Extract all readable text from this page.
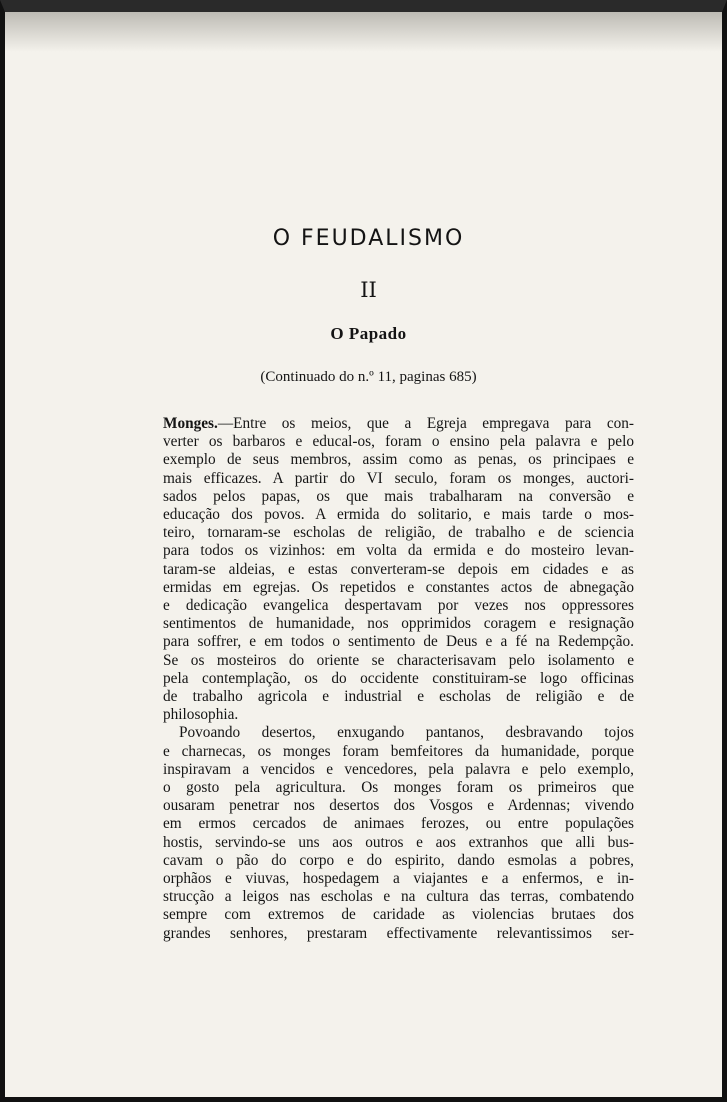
O FEUDALISMO
II
O Papado
(Continuado do n.º 11, paginas 685)
Monges.—Entre os meios, que a Egreja empregava para con-
verter os barbaros e educal-os, foram o ensino pela palavra e pelo
exemplo de seus membros, assim como as penas, os principaes e
mais efficazes. A partir do VI seculo, foram os monges, auctori-
sados pelos papas, os que mais trabalharam na conversão e
educação dos povos. A ermida do solitario, e mais tarde o mos-
teiro, tornaram-se escholas de religião, de trabalho e de sciencia
para todos os vizinhos: em volta da ermida e do mosteiro levan-
taram-se aldeias, e estas converteram-se depois em cidades e as
ermidas em egrejas. Os repetidos e constantes actos de abnegação
e dedicação evangelica despertavam por vezes nos oppressores
sentimentos de humanidade, nos opprimidos coragem e resignação
para soffrer, e em todos o sentimento de Deus e a fé na Redempção.
Se os mosteiros do oriente se characterisavam pelo isolamento e
pela contemplação, os do occidente constituiram-se logo officinas
de trabalho agricola e industrial e escholas de religião e de
philosophia.
Povoando desertos, enxugando pantanos, desbravando tojos
e charnecas, os monges foram bemfeitores da humanidade, porque
inspiravam a vencidos e vencedores, pela palavra e pelo exemplo,
o gosto pela agricultura. Os monges foram os primeiros que
ousaram penetrar nos desertos dos Vosgos e Ardennas; vivendo
em ermos cercados de animaes ferozes, ou entre populações
hostis, servindo-se uns aos outros e aos extranhos que alli bus-
cavam o pão do corpo e do espirito, dando esmolas a pobres,
orphãos e viuvas, hospedagem a viajantes e a enfermos, e in-
strucção a leigos nas escholas e na cultura das terras, combatendo
sempre com extremos de caridade as violencias brutaes dos
grandes senhores, prestaram effectivamente relevantissimos ser-
